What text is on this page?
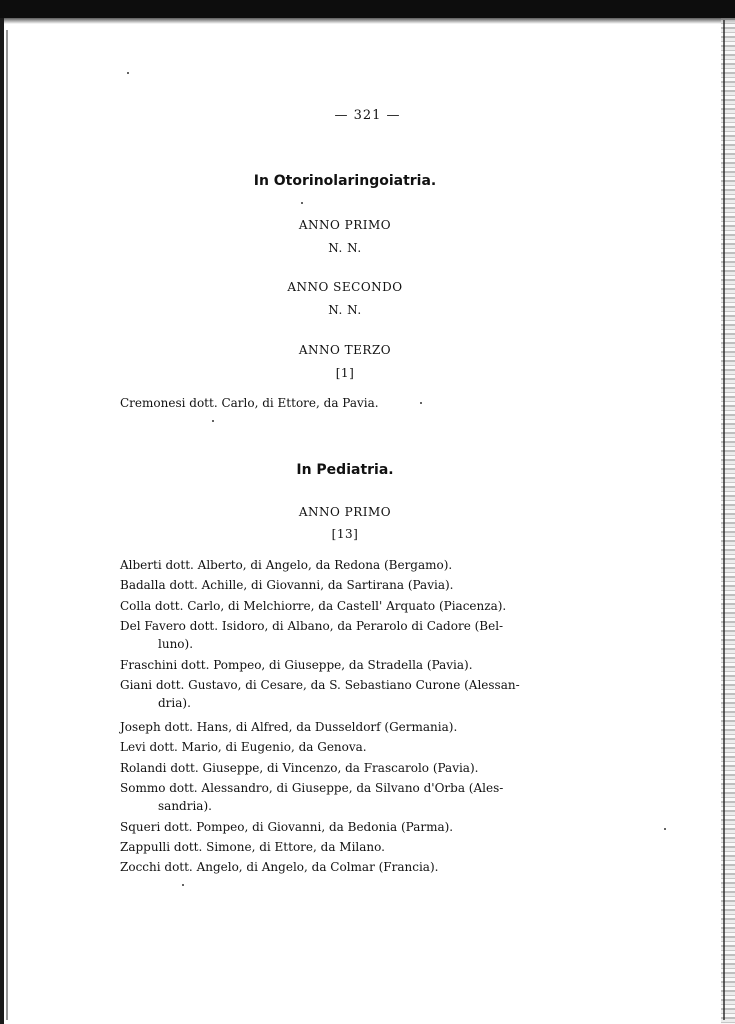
— 321 —
In Otorinolaringoiatria.
ANNO PRIMO
N. N.
ANNO SECONDO
N. N.
ANNO TERZO
[1]
Cremonesi dott. Carlo, di Ettore, da Pavia.
In Pediatria.
ANNO PRIMO
[13]
Alberti dott. Alberto, di Angelo, da Redona (Bergamo).
Badalla dott. Achille, di Giovanni, da Sartirana (Pavia).
Colla dott. Carlo, di Melchiorre, da Castell' Arquato (Piacenza).
Del Favero dott. Isidoro, di Albano, da Perarolo di Cadore (Bel-
luno).
Fraschini dott. Pompeo, di Giuseppe, da Stradella (Pavia).
Giani dott. Gustavo, di Cesare, da S. Sebastiano Curone (Alessan-
dria).
Joseph dott. Hans, di Alfred, da Dusseldorf (Germania).
Levi dott. Mario, di Eugenio, da Genova.
Rolandi dott. Giuseppe, di Vincenzo, da Frascarolo (Pavia).
Sommo dott. Alessandro, di Giuseppe, da Silvano d'Orba (Ales-
sandria).
Squeri dott. Pompeo, di Giovanni, da Bedonia (Parma).
Zappulli dott. Simone, di Ettore, da Milano.
Zocchi dott. Angelo, di Angelo, da Colmar (Francia).
